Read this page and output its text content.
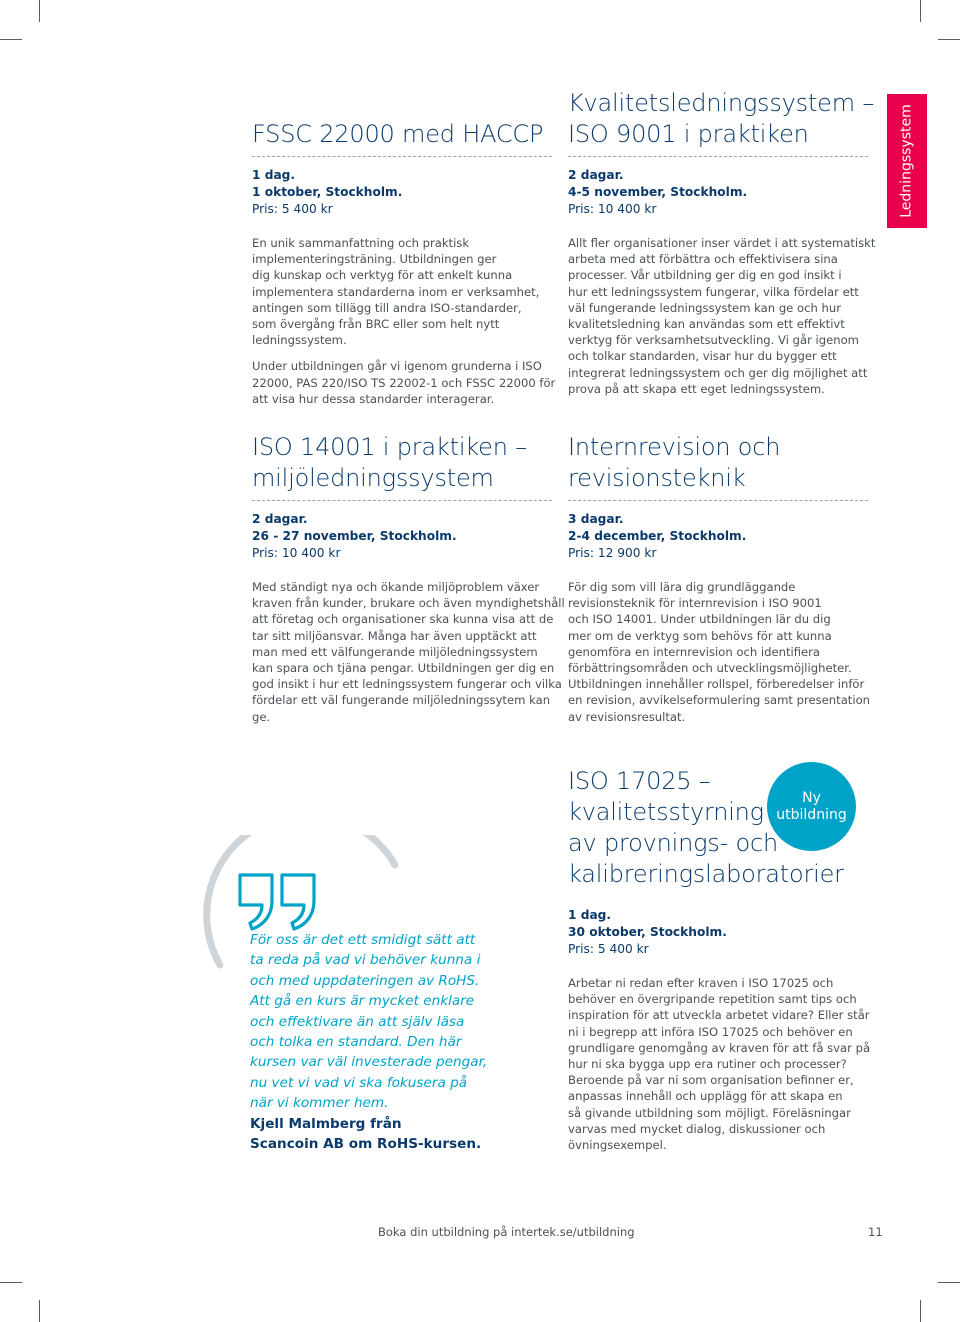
Ledningssystem
FSSC 22000 med HACCP
1 dag.
1 oktober, Stockholm.
Pris: 5 400 kr

En unik sammanfattning och praktisk
implementeringsträning. Utbildningen ger
dig kunskap och verktyg för att enkelt kunna
implementera standarderna inom er verksamhet,
antingen som tillägg till andra ISO-standarder,
som övergång från BRC eller som helt nytt
ledningssystem.

Under utbildningen går vi igenom grunderna i ISO
22000, PAS 220/ISO TS 22002-1 och FSSC 22000 för
att visa hur dessa standarder interagerar.

Kvalitetsledningssystem –
ISO 9001 i praktiken
2 dagar.
4-5 november, Stockholm.
Pris: 10 400 kr

Allt fler organisationer inser värdet i att systematiskt
arbeta med att förbättra och effektivisera sina
processer. Vår utbildning ger dig en god insikt i
hur ett ledningssystem fungerar, vilka fördelar ett
väl fungerande ledningssystem kan ge och hur
kvalitetsledning kan användas som ett effektivt
verktyg för verksamhetsutveckling. Vi går igenom
och tolkar standarden, visar hur du bygger ett
integrerat ledningssystem och ger dig möjlighet att
prova på att skapa ett eget ledningssystem.

ISO 14001 i praktiken –
miljöledningssystem
2 dagar.
26 - 27 november, Stockholm.
Pris: 10 400 kr

Med ständigt nya och ökande miljöproblem växer
kraven från kunder, brukare och även myndighetshåll
att företag och organisationer ska kunna visa att de
tar sitt miljöansvar. Många har även upptäckt att
man med ett välfungerande miljöledningssystem
kan spara och tjäna pengar. Utbildningen ger dig en
god insikt i hur ett ledningssystem fungerar och vilka
fördelar ett väl fungerande miljöledningssytem kan
ge.

Internrevision och
revisionsteknik
3 dagar.
2-4 december, Stockholm.
Pris: 12 900 kr

För dig som vill lära dig grundläggande
revisionsteknik för internrevision i ISO 9001
och ISO 14001. Under utbildningen lär du dig
mer om de verktyg som behövs för att kunna
genomföra en internrevision och identifiera
förbättringsområden och utvecklingsmöjligheter.
Utbildningen innehåller rollspel, förberedelser inför
en revision, avvikelseformulering samt presentation
av revisionsresultat.

ISO 17025 –
kvalitetsstyrning
av provnings- och
kalibreringslaboratorier
1 dag.
30 oktober, Stockholm.
Pris: 5 400 kr

Arbetar ni redan efter kraven i ISO 17025 och
behöver en övergripande repetition samt tips och
inspiration för att utveckla arbetet vidare? Eller står
ni i begrepp att införa ISO 17025 och behöver en
grundligare genomgång av kraven för att få svar på
hur ni ska bygga upp era rutiner och processer?
Beroende på var ni som organisation befinner er,
anpassas innehåll och upplägg för att skapa en
så givande utbildning som möjligt. Föreläsningar
varvas med mycket dialog, diskussioner och
övningsexempel.

Ny
utbildning
För oss är det ett smidigt sätt att
ta reda på vad vi behöver kunna i
och med uppdateringen av RoHS.
Att gå en kurs är mycket enklare
och effektivare än att själv läsa
och tolka en standard. Den här
kursen var väl investerade pengar,
nu vet vi vad vi ska fokusera på
när vi kommer hem.
Kjell Malmberg från
Scancoin AB om RoHS-kursen.
Boka din utbildning på intertek.se/utbildning	11
